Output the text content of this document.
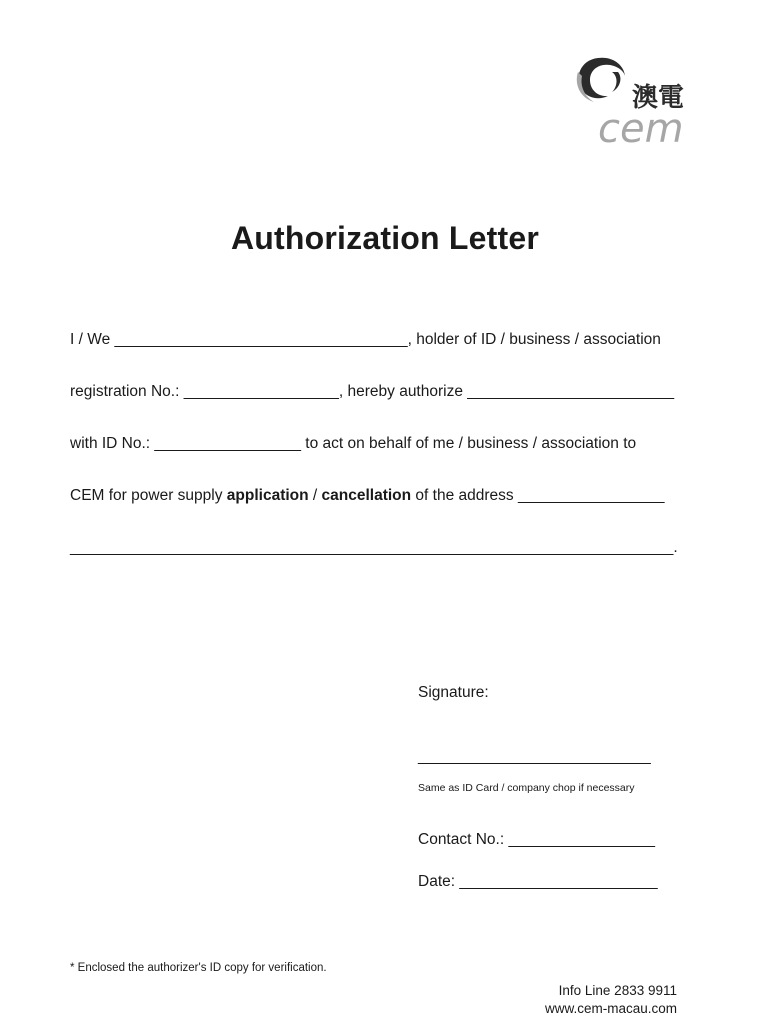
澳電
cem
Authorization Letter
I / We __________________________________, holder of ID / business / association
registration No.: __________________, hereby authorize ________________________
with ID No.: _________________ to act on behalf of me / business / association to
CEM for power supply application / cancellation of the address _________________
______________________________________________________________________.
Signature:
___________________________
Same as ID Card / company chop if necessary
Contact No.: _________________
Date: _______________________
* Enclosed the authorizer's ID copy for verification.
Info Line 2833 9911
www.cem-macau.com
